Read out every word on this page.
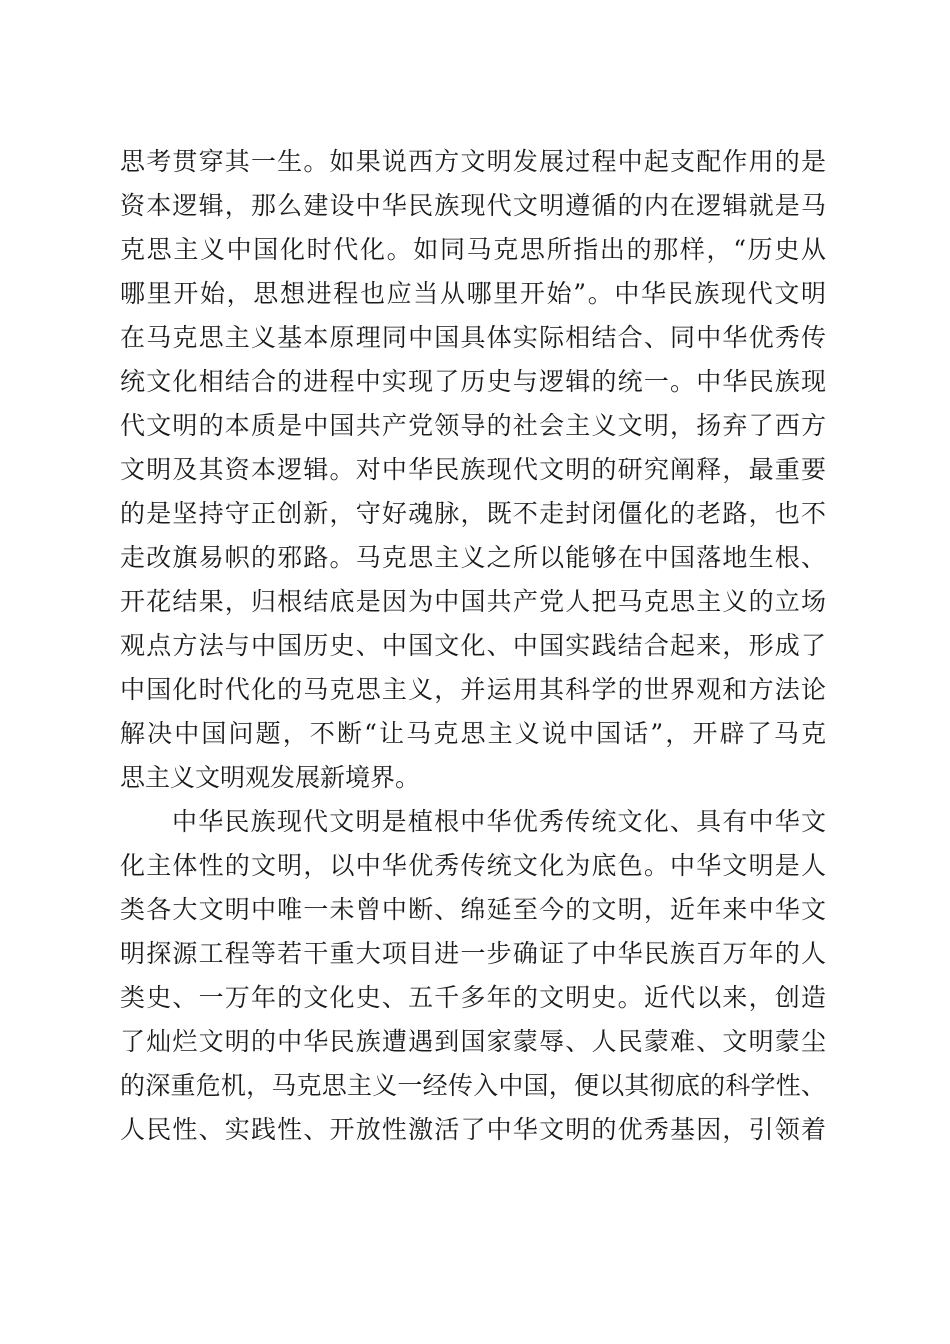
思考贯穿其一生。如果说西方文明发展过程中起支配作用的是
资本逻辑，那么建设中华民族现代文明遵循的内在逻辑就是马
克思主义中国化时代化。如同马克思所指出的那样，“历史从
哪里开始，思想进程也应当从哪里开始”。中华民族现代文明
在马克思主义基本原理同中国具体实际相结合、同中华优秀传
统文化相结合的进程中实现了历史与逻辑的统一。中华民族现
代文明的本质是中国共产党领导的社会主义文明，扬弃了西方
文明及其资本逻辑。对中华民族现代文明的研究阐释，最重要
的是坚持守正创新，守好魂脉，既不走封闭僵化的老路，也不
走改旗易帜的邪路。马克思主义之所以能够在中国落地生根、
开花结果，归根结底是因为中国共产党人把马克思主义的立场
观点方法与中国历史、中国文化、中国实践结合起来，形成了
中国化时代化的马克思主义，并运用其科学的世界观和方法论
解决中国问题，不断“让马克思主义说中国话”，开辟了马克
思主义文明观发展新境界。
中华民族现代文明是植根中华优秀传统文化、具有中华文
化主体性的文明，以中华优秀传统文化为底色。中华文明是人
类各大文明中唯一未曾中断、绵延至今的文明，近年来中华文
明探源工程等若干重大项目进一步确证了中华民族百万年的人
类史、一万年的文化史、五千多年的文明史。近代以来，创造
了灿烂文明的中华民族遭遇到国家蒙辱、人民蒙难、文明蒙尘
的深重危机，马克思主义一经传入中国，便以其彻底的科学性、
人民性、实践性、开放性激活了中华文明的优秀基因，引领着
